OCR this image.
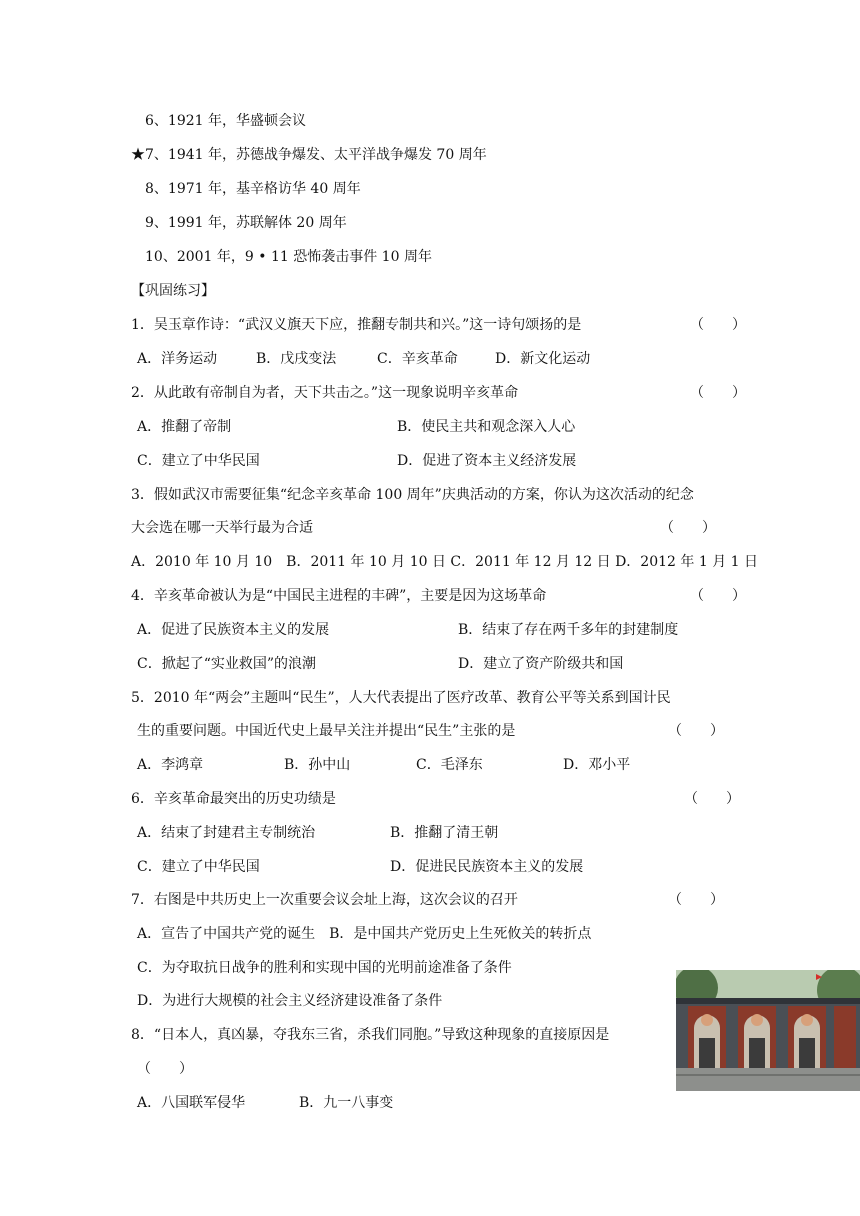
6、1921 年，华盛顿会议
★7、1941 年，苏德战争爆发、太平洋战争爆发 70 周年
8、1971 年，基辛格访华 40 周年
9、1991 年，苏联解体 20 周年
10、2001 年，9 • 11 恐怖袭击事件 10 周年
【巩固练习】
1．吴玉章作诗：“武汉义旗天下应，推翻专制共和兴。”这一诗句颂扬的是	（　　）
A．洋务运动	B．戊戌变法	C．辛亥革命	D．新文化运动
2．从此敢有帝制自为者，天下共击之。”这一现象说明辛亥革命	（　　）
A．推翻了帝制	B．使民主共和观念深入人心
C．建立了中华民国	D．促进了资本主义经济发展
3．假如武汉市需要征集“纪念辛亥革命 100 周年”庆典活动的方案，你认为这次活动的纪念
大会选在哪一天举行最为合适	（　　）
A．2010 年 10 月 10　B．2011 年 10 月 10 日 C．2011 年 12 月 12 日 D．2012 年 1 月 1 日
4．辛亥革命被认为是“中国民主进程的丰碑”，主要是因为这场革命	（　　）
A．促进了民族资本主义的发展	B．结束了存在两千多年的封建制度
C．掀起了“实业救国”的浪潮	D．建立了资产阶级共和国
5．2010 年“两会”主题叫“民生”，人大代表提出了医疗改革、教育公平等关系到国计民
生的重要问题。中国近代史上最早关注并提出“民生”主张的是	（　　）
A．李鸿章	B．孙中山	C．毛泽东	D．邓小平
6．辛亥革命最突出的历史功绩是	（　　）
A．结束了封建君主专制统治	B．推翻了清王朝
C．建立了中华民国	D．促进民民族资本主义的发展
7．右图是中共历史上一次重要会议会址上海，这次会议的召开	（　　）
A．宣告了中国共产党的诞生　B．是中国共产党历史上生死攸关的转折点
C．为夺取抗日战争的胜利和实现中国的光明前途准备了条件
D．为进行大规模的社会主义经济建设准备了条件
8．“日本人，真凶暴，夺我东三省，杀我们同胞。”导致这种现象的直接原因是
（　　）
A．八国联军侵华	B．九一八事变
